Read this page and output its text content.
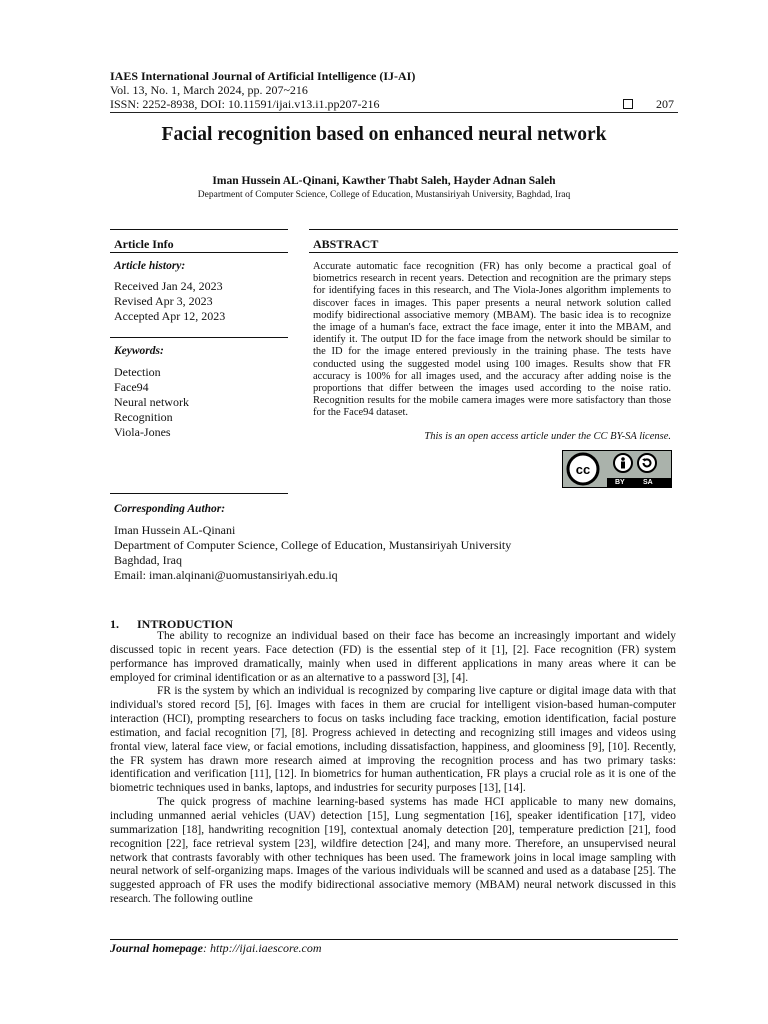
IAES International Journal of Artificial Intelligence (IJ-AI)
Vol. 13, No. 1, March 2024, pp. 207~216
ISSN: 2252-8938, DOI: 10.11591/ijai.v13.i1.pp207-216	207
Facial recognition based on enhanced neural network
Iman Hussein AL-Qinani, Kawther Thabt Saleh, Hayder Adnan Saleh
Department of Computer Science, College of Education, Mustansiriyah University, Baghdad, Iraq
Article Info
Article history:
Received Jan 24, 2023
Revised Apr 3, 2023
Accepted Apr 12, 2023
Keywords:
Detection
Face94
Neural network
Recognition
Viola-Jones
ABSTRACT
Accurate automatic face recognition (FR) has only become a practical goal of biometrics research in recent years. Detection and recognition are the primary steps for identifying faces in this research, and The Viola-Jones algorithm implements to discover faces in images. This paper presents a neural network solution called modify bidirectional associative memory (MBAM). The basic idea is to recognize the image of a human's face, extract the face image, enter it into the MBAM, and identify it. The output ID for the face image from the network should be similar to the ID for the image entered previously in the training phase. The tests have conducted using the suggested model using 100 images. Results show that FR accuracy is 100% for all images used, and the accuracy after adding noise is the proportions that differ between the images used according to the noise ratio. Recognition results for the mobile camera images were more satisfactory than those for the Face94 dataset.
This is an open access article under the CC BY-SA license.
cc
BY	SA
Corresponding Author:
Iman Hussein AL-Qinani
Department of Computer Science, College of Education, Mustansiriyah University
Baghdad, Iraq
Email: iman.alqinani@uomustansiriyah.edu.iq
1.      INTRODUCTION

The ability to recognize an individual based on their face has become an increasingly important and widely discussed topic in recent years. Face detection (FD) is the essential step of it [1], [2]. Face recognition (FR) system performance has improved dramatically, mainly when used in different applications in many areas where it can be employed for criminal identification or as an alternative to a password [3], [4].

FR is the system by which an individual is recognized by comparing live capture or digital image data with that individual's stored record [5], [6]. Images with faces in them are crucial for intelligent vision-based human-computer interaction (HCI), prompting researchers to focus on tasks including face tracking, emotion identification, facial posture estimation, and facial recognition [7], [8]. Progress achieved in detecting and recognizing still images and videos using frontal view, lateral face view, or facial emotions, including dissatisfaction, happiness, and gloominess [9], [10]. Recently, the FR system has drawn more research aimed at improving the recognition process and has two primary tasks: identification and verification [11], [12]. In biometrics for human authentication, FR plays a crucial role as it is one of the biometric techniques used in banks, laptops, and industries for security purposes [13], [14].

The quick progress of machine learning-based systems has made HCI applicable to many new domains, including unmanned aerial vehicles (UAV) detection [15], Lung segmentation [16], speaker identification [17], video summarization [18], handwriting recognition [19], contextual anomaly detection [20], temperature prediction [21], food recognition [22], face retrieval system [23], wildfire detection [24], and many more. Therefore, an unsupervised neural network that contrasts favorably with other techniques has been used. The framework joins in local image sampling with neural network of self-organizing maps. Images of the various individuals will be scanned and used as a database [25]. The suggested approach of FR uses the modify bidirectional associative memory (MBAM) neural network discussed in this research. The following outline

Journal homepage: http://ijai.iaescore.com
